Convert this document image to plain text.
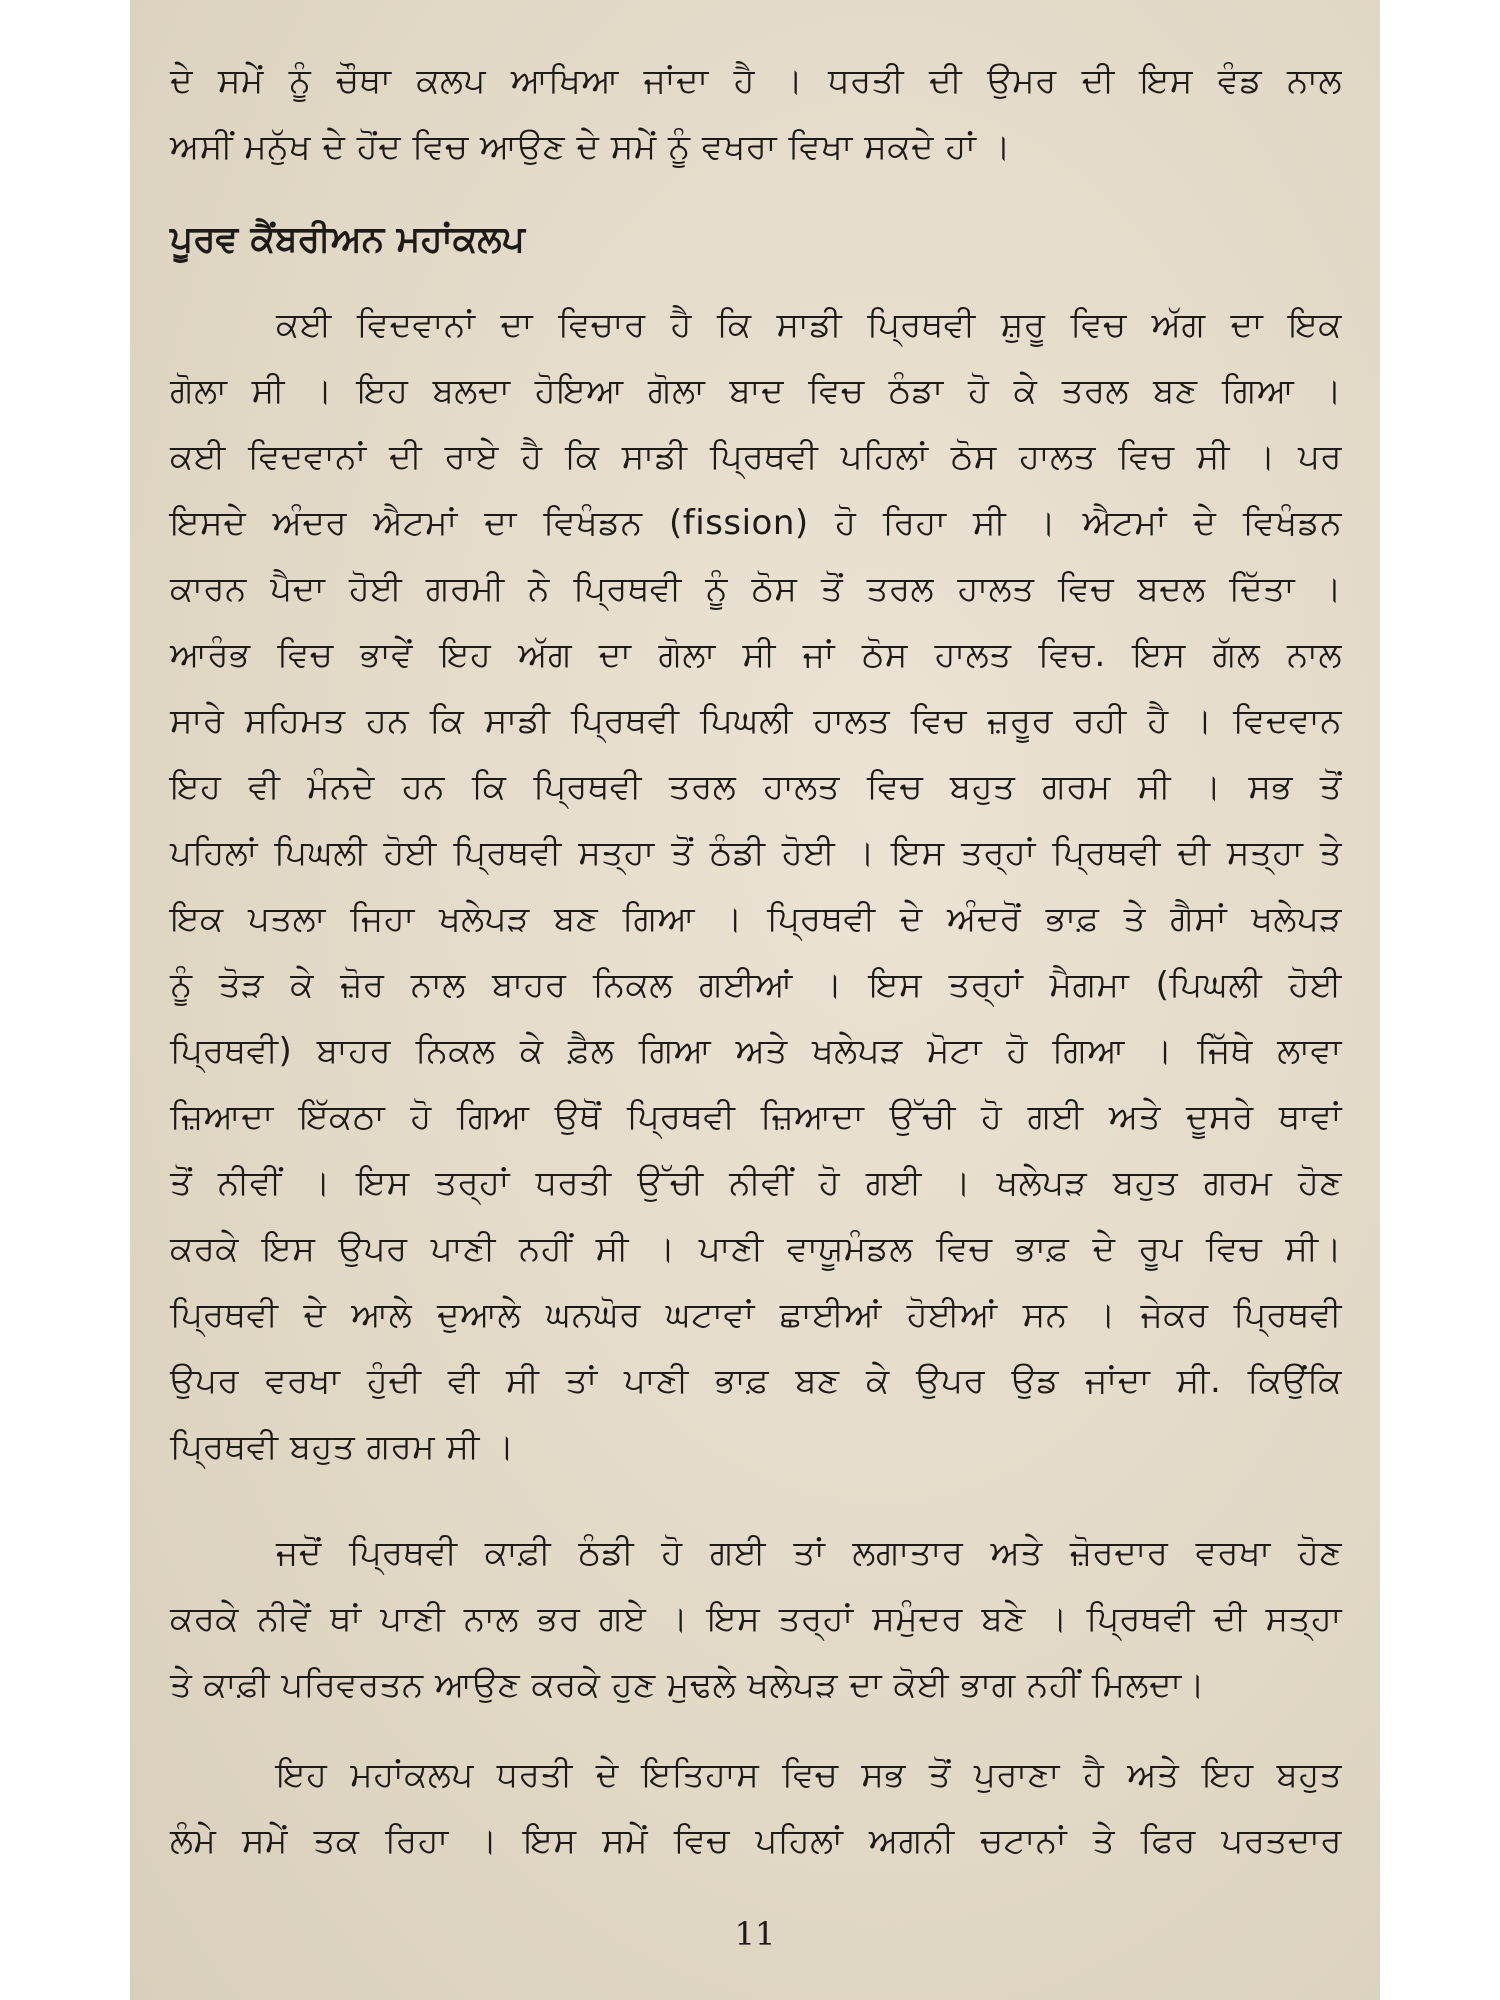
ਦੇ ਸਮੇਂ ਨੂੰ ਚੌਥਾ ਕਲਪ ਆਖਿਆ ਜਾਂਦਾ ਹੈ । ਧਰਤੀ ਦੀ ਉਮਰ ਦੀ ਇਸ ਵੰਡ ਨਾਲ
ਅਸੀਂ ਮਨੁੱਖ ਦੇ ਹੋਂਦ ਵਿਚ ਆਉਣ ਦੇ ਸਮੇਂ ਨੂੰ ਵਖਰਾ ਵਿਖਾ ਸਕਦੇ ਹਾਂ ।
ਪੂਰਵ ਕੈਂਬਰੀਅਨ ਮਹਾਂਕਲਪ
ਕਈ ਵਿਦਵਾਨਾਂ ਦਾ ਵਿਚਾਰ ਹੈ ਕਿ ਸਾਡੀ ਪ੍ਰਿਥਵੀ ਸ਼ੁਰੂ ਵਿਚ ਅੱਗ ਦਾ ਇਕ
ਗੋਲਾ ਸੀ । ਇਹ ਬਲਦਾ ਹੋਇਆ ਗੋਲਾ ਬਾਦ ਵਿਚ ਠੰਡਾ ਹੋ ਕੇ ਤਰਲ ਬਣ ਗਿਆ ।
ਕਈ ਵਿਦਵਾਨਾਂ ਦੀ ਰਾਏ ਹੈ ਕਿ ਸਾਡੀ ਪ੍ਰਿਥਵੀ ਪਹਿਲਾਂ ਠੋਸ ਹਾਲਤ ਵਿਚ ਸੀ । ਪਰ
ਇਸਦੇ ਅੰਦਰ ਐਟਮਾਂ ਦਾ ਵਿਖੰਡਨ (fission) ਹੋ ਰਿਹਾ ਸੀ । ਐਟਮਾਂ ਦੇ ਵਿਖੰਡਨ
ਕਾਰਨ ਪੈਦਾ ਹੋਈ ਗਰਮੀ ਨੇ ਪ੍ਰਿਥਵੀ ਨੂੰ ਠੋਸ ਤੋਂ ਤਰਲ ਹਾਲਤ ਵਿਚ ਬਦਲ ਦਿੱਤਾ ।
ਆਰੰਭ ਵਿਚ ਭਾਵੇਂ ਇਹ ਅੱਗ ਦਾ ਗੋਲਾ ਸੀ ਜਾਂ ਠੋਸ ਹਾਲਤ ਵਿਚ. ਇਸ ਗੱਲ ਨਾਲ
ਸਾਰੇ ਸਹਿਮਤ ਹਨ ਕਿ ਸਾਡੀ ਪ੍ਰਿਥਵੀ ਪਿਘਲੀ ਹਾਲਤ ਵਿਚ ਜ਼ਰੂਰ ਰਹੀ ਹੈ । ਵਿਦਵਾਨ
ਇਹ ਵੀ ਮੰਨਦੇ ਹਨ ਕਿ ਪ੍ਰਿਥਵੀ ਤਰਲ ਹਾਲਤ ਵਿਚ ਬਹੁਤ ਗਰਮ ਸੀ । ਸਭ ਤੋਂ
ਪਹਿਲਾਂ ਪਿਘਲੀ ਹੋਈ ਪ੍ਰਿਥਵੀ ਸਤ੍ਹਾ ਤੋਂ ਠੰਡੀ ਹੋਈ । ਇਸ ਤਰ੍ਹਾਂ ਪ੍ਰਿਥਵੀ ਦੀ ਸਤ੍ਹਾ ਤੇ
ਇਕ ਪਤਲਾ ਜਿਹਾ ਖਲੇਪੜ ਬਣ ਗਿਆ । ਪ੍ਰਿਥਵੀ ਦੇ ਅੰਦਰੋਂ ਭਾਫ਼ ਤੇ ਗੈਸਾਂ ਖਲੇਪੜ
ਨੂੰ ਤੋੜ ਕੇ ਜ਼ੋਰ ਨਾਲ ਬਾਹਰ ਨਿਕਲ ਗਈਆਂ । ਇਸ ਤਰ੍ਹਾਂ ਮੈਗਮਾ (ਪਿਘਲੀ ਹੋਈ
ਪ੍ਰਿਥਵੀ) ਬਾਹਰ ਨਿਕਲ ਕੇ ਫ਼ੈਲ ਗਿਆ ਅਤੇ ਖਲੇਪੜ ਮੋਟਾ ਹੋ ਗਿਆ । ਜਿੱਥੇ ਲਾਵਾ
ਜ਼ਿਆਦਾ ਇੱਕਠਾ ਹੋ ਗਿਆ ਉਥੋਂ ਪ੍ਰਿਥਵੀ ਜ਼ਿਆਦਾ ਉੱਚੀ ਹੋ ਗਈ ਅਤੇ ਦੂਸਰੇ ਥਾਵਾਂ
ਤੋਂ ਨੀਵੀਂ । ਇਸ ਤਰ੍ਹਾਂ ਧਰਤੀ ਉੱਚੀ ਨੀਵੀਂ ਹੋ ਗਈ । ਖਲੇਪੜ ਬਹੁਤ ਗਰਮ ਹੋਣ
ਕਰਕੇ ਇਸ ਉਪਰ ਪਾਣੀ ਨਹੀਂ ਸੀ । ਪਾਣੀ ਵਾਯੂਮੰਡਲ ਵਿਚ ਭਾਫ਼ ਦੇ ਰੂਪ ਵਿਚ ਸੀ।
ਪ੍ਰਿਥਵੀ ਦੇ ਆਲੇ ਦੁਆਲੇ ਘਨਘੋਰ ਘਟਾਵਾਂ ਛਾਈਆਂ ਹੋਈਆਂ ਸਨ । ਜੇਕਰ ਪ੍ਰਿਥਵੀ
ਉਪਰ ਵਰਖਾ ਹੁੰਦੀ ਵੀ ਸੀ ਤਾਂ ਪਾਣੀ ਭਾਫ਼ ਬਣ ਕੇ ਉਪਰ ਉਡ ਜਾਂਦਾ ਸੀ. ਕਿਉਂਕਿ
ਪ੍ਰਿਥਵੀ ਬਹੁਤ ਗਰਮ ਸੀ ।
ਜਦੋਂ ਪ੍ਰਿਥਵੀ ਕਾਫ਼ੀ ਠੰਡੀ ਹੋ ਗਈ ਤਾਂ ਲਗਾਤਾਰ ਅਤੇ ਜ਼ੋਰਦਾਰ ਵਰਖਾ ਹੋਣ
ਕਰਕੇ ਨੀਵੇਂ ਥਾਂ ਪਾਣੀ ਨਾਲ ਭਰ ਗਏ । ਇਸ ਤਰ੍ਹਾਂ ਸਮੁੰਦਰ ਬਣੇ । ਪ੍ਰਿਥਵੀ ਦੀ ਸਤ੍ਹਾ
ਤੇ ਕਾਫ਼ੀ ਪਰਿਵਰਤਨ ਆਉਣ ਕਰਕੇ ਹੁਣ ਮੁਢਲੇ ਖਲੇਪੜ ਦਾ ਕੋਈ ਭਾਗ ਨਹੀਂ ਮਿਲਦਾ।
ਇਹ ਮਹਾਂਕਲਪ ਧਰਤੀ ਦੇ ਇਤਿਹਾਸ ਵਿਚ ਸਭ ਤੋਂ ਪੁਰਾਣਾ ਹੈ ਅਤੇ ਇਹ ਬਹੁਤ
ਲੰਮੇ ਸਮੇਂ ਤਕ ਰਿਹਾ । ਇਸ ਸਮੇਂ ਵਿਚ ਪਹਿਲਾਂ ਅਗਨੀ ਚਟਾਨਾਂ ਤੇ ਫਿਰ ਪਰਤਦਾਰ
11
